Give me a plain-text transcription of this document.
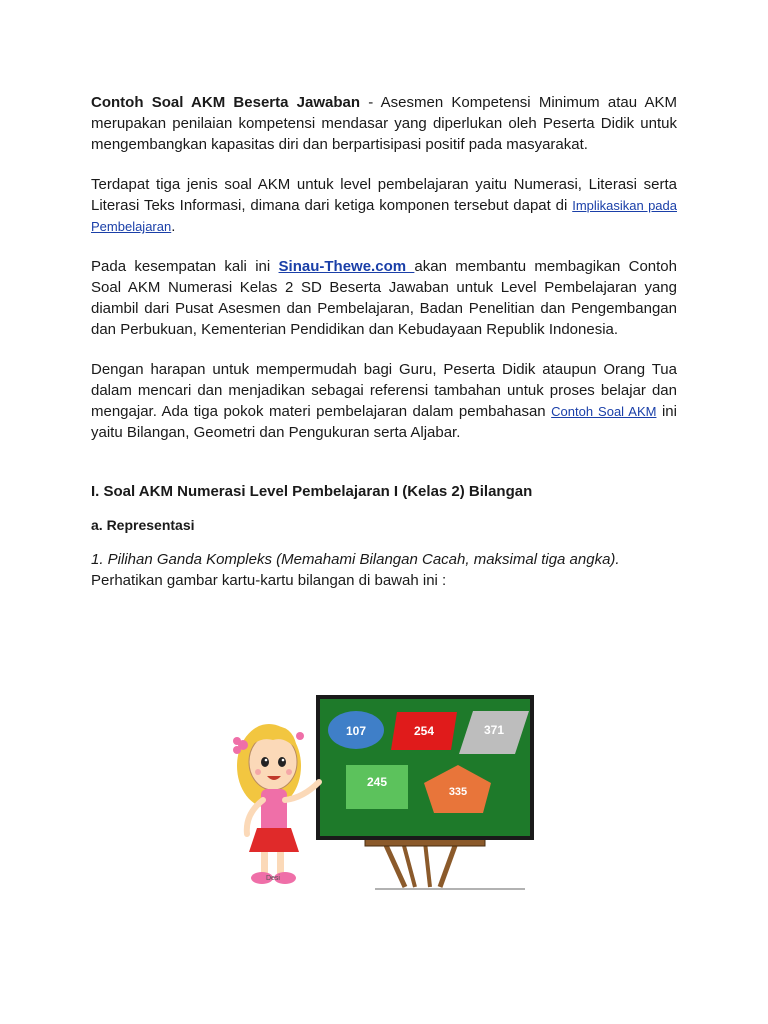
Contoh Soal AKM Beserta Jawaban - Asesmen Kompetensi Minimum atau AKM merupakan penilaian kompetensi mendasar yang diperlukan oleh Peserta Didik untuk mengembangkan kapasitas diri dan berpartisipasi positif pada masyarakat.

Terdapat tiga jenis soal AKM untuk level pembelajaran yaitu Numerasi, Literasi serta Literasi Teks Informasi, dimana dari ketiga komponen tersebut dapat di Implikasikan pada Pembelajaran.

Pada kesempatan kali ini Sinau-Thewe.com akan membantu membagikan Contoh Soal AKM Numerasi Kelas 2 SD Beserta Jawaban untuk Level Pembelajaran yang diambil dari Pusat Asesmen dan Pembelajaran, Badan Penelitian dan Pengembangan dan Perbukuan, Kementerian Pendidikan dan Kebudayaan Republik Indonesia.

Dengan harapan untuk mempermudah bagi Guru, Peserta Didik ataupun Orang Tua dalam mencari dan menjadikan sebagai referensi tambahan untuk proses belajar dan mengajar. Ada tiga pokok materi pembelajaran dalam pembahasan Contoh Soal AKM ini yaitu Bilangan, Geometri dan Pengukuran serta Aljabar.

I. Soal AKM Numerasi Level Pembelajaran I (Kelas 2) Bilangan
a. Representasi

1. Pilihan Ganda Kompleks (Memahami Bilangan Cacah, maksimal tiga angka).

Perhatikan gambar kartu-kartu bilangan di bawah ini :

107	254	371
245
335
Desi
